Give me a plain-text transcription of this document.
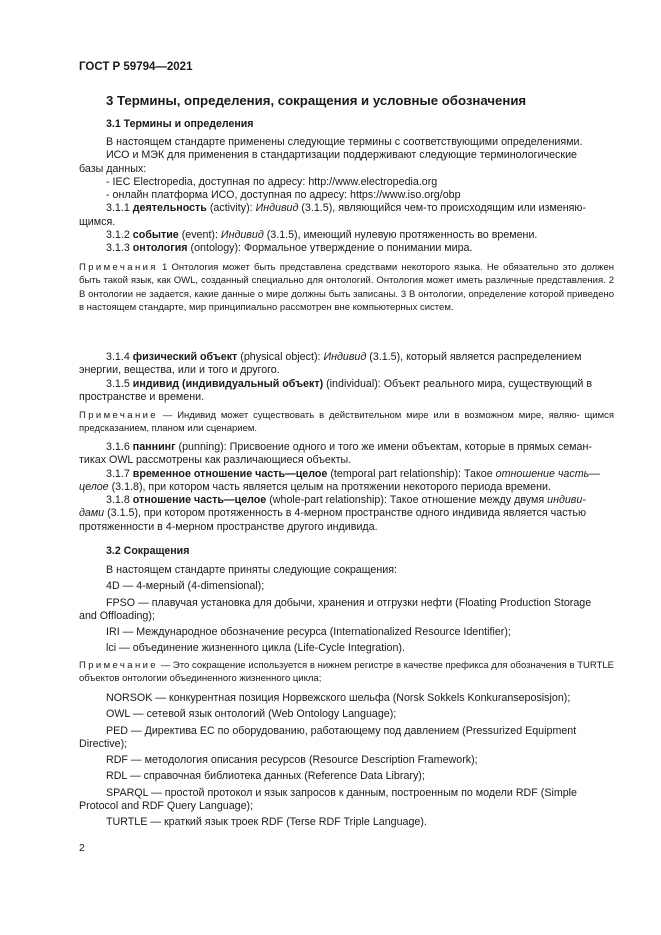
ГОСТ Р 59794—2021
3 Термины, определения, сокращения и условные обозначения
3.1 Термины и определения
В настоящем стандарте применены следующие термины с соответствующими определениями.
ИСО и МЭК для применения в стандартизации поддерживают следующие терминологические
базы данных:
- IEC Electropedia, доступная по адресу: http://www.electropedia.org
- онлайн платформа ИСО, доступная по адресу: https://www.iso.org/obp
3.1.1 деятельность (activity): Индивид (3.1.5), являющийся чем-то происходящим или изменяю-
щимся.
3.1.2 событие (event): Индивид (3.1.5), имеющий нулевую протяженность во времени.
3.1.3 онтология (ontology): Формальное утверждение о понимании мира.
Примечания 1 Онтология может быть представлена средствами некоторого языка. Не обязательно это должен быть такой язык, как OWL, созданный специально для онтологий. Онтология может иметь различные представления. 2 В онтологии не задается, какие данные о мире должны быть записаны. 3 В онтологии, определение которой приведено в настоящем стандарте, мир принципиально рассмотрен вне компьютерных систем.
3.1.4 физический объект (physical object): Индивид (3.1.5), который является распределением
энергии, вещества, или и того и другого.
3.1.5 индивид (индивидуальный объект) (individual): Объект реального мира, существующий в
пространстве и времени.
Примечание — Индивид может существовать в действительном мире или в возможном мире, являю- щимся предсказанием, планом или сценарием.
3.1.6 паннинг (punning): Присвоение одного и того же имени объектам, которые в прямых семан-
тиках OWL рассмотрены как различающиеся объекты.
3.1.7 временное отношение часть—целое (temporal part relationship): Такое отношение часть—
целое (3.1.8), при котором часть является целым на протяжении некоторого периода времени.
3.1.8 отношение часть—целое (whole-part relationship): Такое отношение между двумя индиви-
дами (3.1.5), при котором протяженность в 4-мерном пространстве одного индивида является частью
протяженности в 4-мерном пространстве другого индивида.
3.2 Сокращения
В настоящем стандарте приняты следующие сокращения:
4D — 4-мерный (4-dimensional);
FPSO — плавучая установка для добычи, хранения и отгрузки нефти (Floating Production Storage
and Offloading);
IRI — Международное обозначение ресурса (Internationalized Resource Identifier);
lci — объединение жизненного цикла (Life-Cycle Integration).
Примечание — Это сокращение используется в нижнем регистре в качестве префикса для обозначения в TURTLE объектов онтологии объединенного жизненного цикла;
NORSOK — конкурентная позиция Норвежского шельфа (Norsk Sokkels Konkuranseposisjon);
OWL — сетевой язык онтологий (Web Ontology Language);
PED — Директива ЕС по оборудованию, работающему под давлением (Pressurized Equipment
Directive);
RDF — методология описания ресурсов (Resource Description Framework);
RDL — справочная библиотека данных (Reference Data Library);
SPARQL — простой протокол и язык запросов к данным, построенным по модели RDF (Simple
Protocol and RDF Query Language);
TURTLE — краткий язык троек RDF (Terse RDF Triple Language).
2
